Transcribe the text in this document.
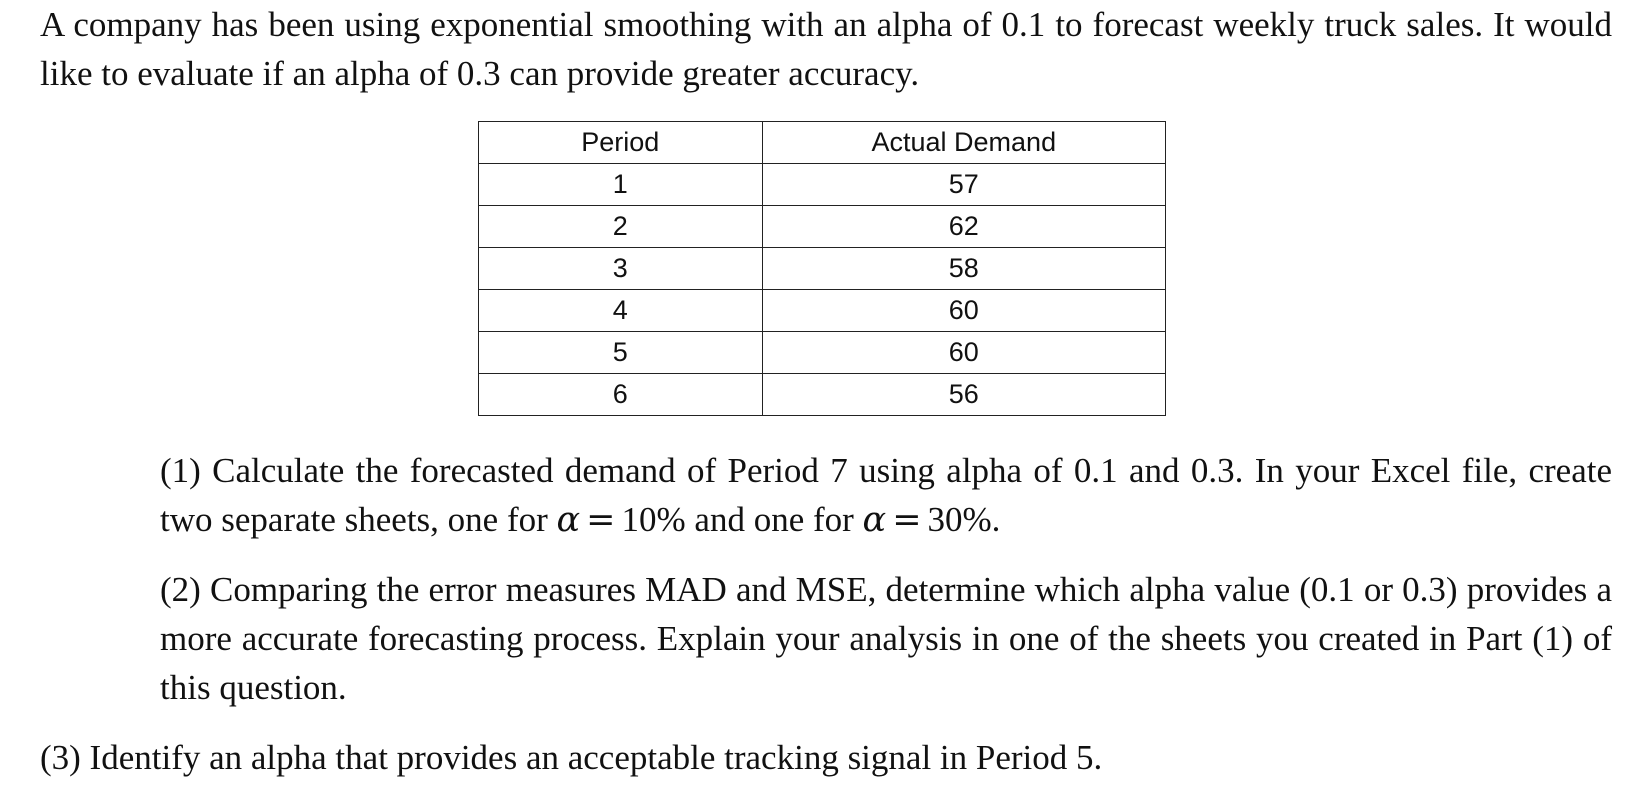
A company has been using exponential smoothing with an alpha of 0.1 to forecast weekly truck sales. It would like to evaluate if an alpha of 0.3 can provide greater accuracy.

Period	Actual Demand
1	57
2	62
3	58
4	60
5	60
6	56

(1) Calculate the forecasted demand of Period 7 using alpha of 0.1 and 0.3. In your Excel file, create two separate sheets, one for α = 10% and one for α = 30%.

(2) Comparing the error measures MAD and MSE, determine which alpha value (0.1 or 0.3) provides a more accurate forecasting process. Explain your analysis in one of the sheets you created in Part (1) of this question.

(3) Identify an alpha that provides an acceptable tracking signal in Period 5.
